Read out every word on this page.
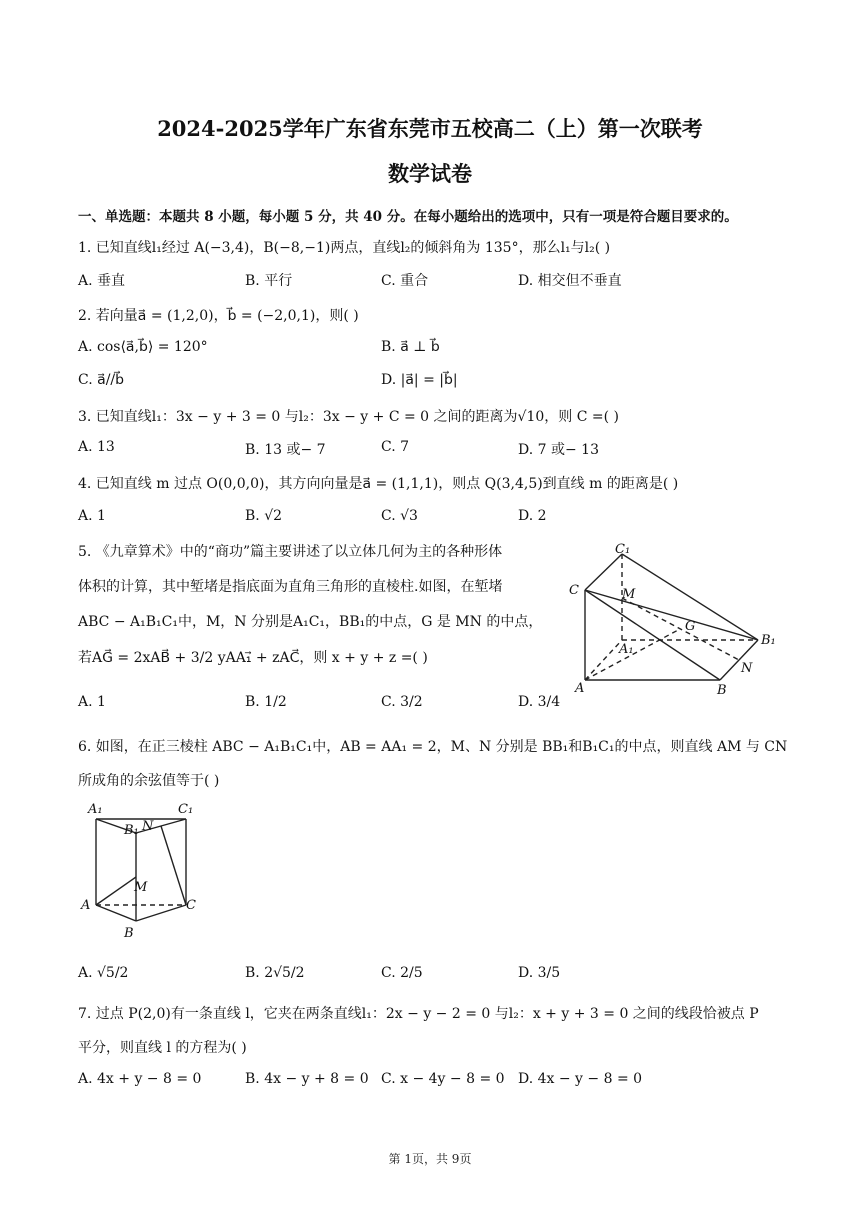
2024-2025学年广东省东莞市五校高二（上）第一次联考
数学试卷
一、单选题：本题共 8 小题，每小题 5 分，共 40 分。在每小题给出的选项中，只有一项是符合题目要求的。
1. 已知直线l₁经过 A(−3,4)，B(−8,−1)两点，直线l₂的倾斜角为 135°，那么l₁与l₂( )
A. 垂直	B. 平行	C. 重合	D. 相交但不垂直
2. 若向量a⃗ = (1,2,0)，b⃗ = (−2,0,1)，则( )
A. cos⟨a⃗,b⃗⟩ = 120°	B. a⃗ ⊥ b⃗
C. a⃗//b⃗	D. |a⃗| = |b⃗|
3. 已知直线l₁：3x − y + 3 = 0 与l₂：3x − y + C = 0 之间的距离为√10，则 C =( )
A. 13	B. 13 或− 7	C. 7	D. 7 或− 13
4. 已知直线 m 过点 O(0,0,0)，其方向向量是a⃗ = (1,1,1)，则点 Q(3,4,5)到直线 m 的距离是( )
A. 1	B. √2	C. √3	D. 2
5. 《九章算术》中的“商功”篇主要讲述了以立体几何为主的各种形体
体积的计算，其中堑堵是指底面为直角三角形的直棱柱.如图，在堑堵
ABC − A₁B₁C₁中，M，N 分别是A₁C₁，BB₁的中点，G 是 MN 的中点，
若AG⃗ = 2xAB⃗ + 3/2 yAA₁⃗ + zAC⃗，则 x + y + z =( )
A. 1	B. 1/2	C. 3/2	D. 3/4
C₁
C	M
G
A₁
B₁
N
A	B
6. 如图，在正三棱柱 ABC − A₁B₁C₁中，AB = AA₁ = 2，M、N 分别是 BB₁和B₁C₁的中点，则直线 AM 与 CN
所成角的余弦值等于( )
A₁	C₁
B₁ N
M
A	C
B
A. √5/2	B. 2√5/2	C. 2/5	D. 3/5
7. 过点 P(2,0)有一条直线 l，它夹在两条直线l₁：2x − y − 2 = 0 与l₂：x + y + 3 = 0 之间的线段恰被点 P
平分，则直线 l 的方程为( )
A. 4x + y − 8 = 0	B. 4x − y + 8 = 0 C. x − 4y − 8 = 0 D. 4x − y − 8 = 0
第 1页，共 9页
